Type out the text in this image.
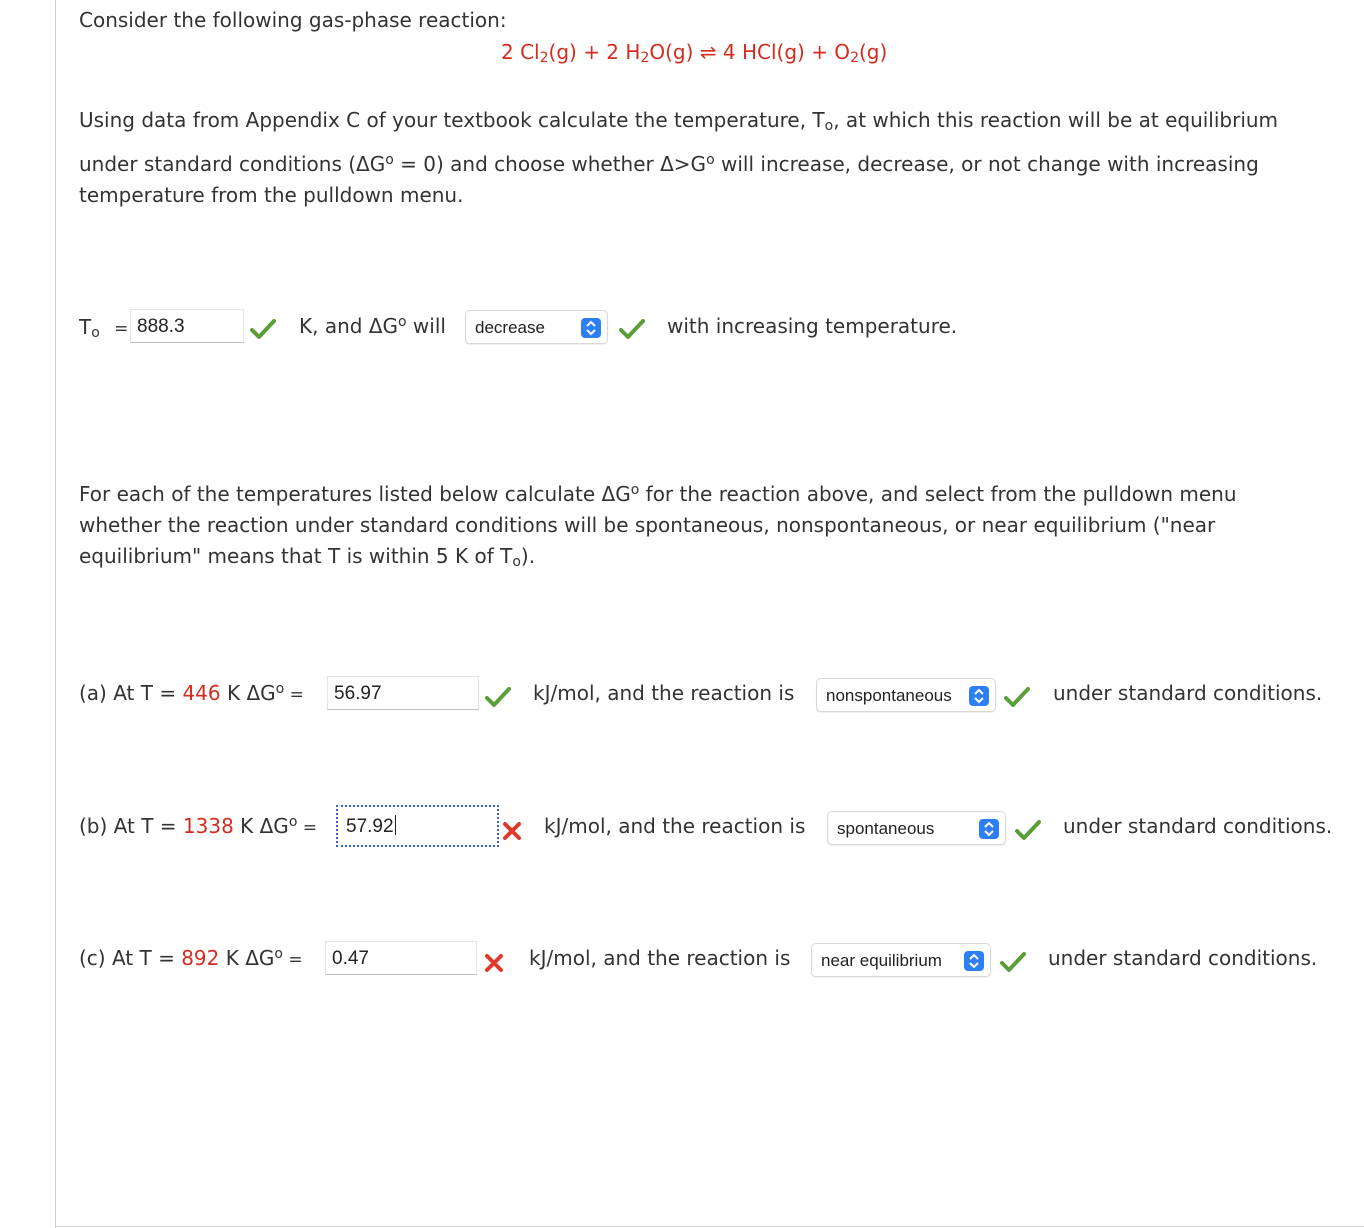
Consider the following gas-phase reaction:
2 $Cl_2(g) + 2$ $H_2O(g)$ ⇌ 4 $HCl(g) + O_2(g)$
Using data from Appendix C of your textbook calculate the temperature, $T_o$, at which this reaction will be at equilibrium
under standard conditions $(\Delta G^o = 0)$ and choose whether $\Delta>G^o$ will increase, decrease, or not change with increasing
temperature from the pulldown menu.
$T_o = 888.3$	K, and $\Delta G^o$ will	decrease	with increasing temperature.
For each of the temperatures listed below calculate $\Delta G^o$ for the reaction above, and select from the pulldown menu
whether the reaction under standard conditions will be spontaneous, nonspontaneous, or near equilibrium ("near
equilibrium" means that T is within 5 K of $T_o$).
(a) At T = 446 K $\Delta G^o$ =	56.97	kJ/mol, and the reaction is	nonspontaneous	under standard conditions.
(b) At T = 1338 K $\Delta G^o$ =	57.92	kJ/mol, and the reaction is	spontaneous	under standard conditions.
(c) At T = 892 K $\Delta G^o$ =	0.47	kJ/mol, and the reaction is	near equilibrium	under standard conditions.
